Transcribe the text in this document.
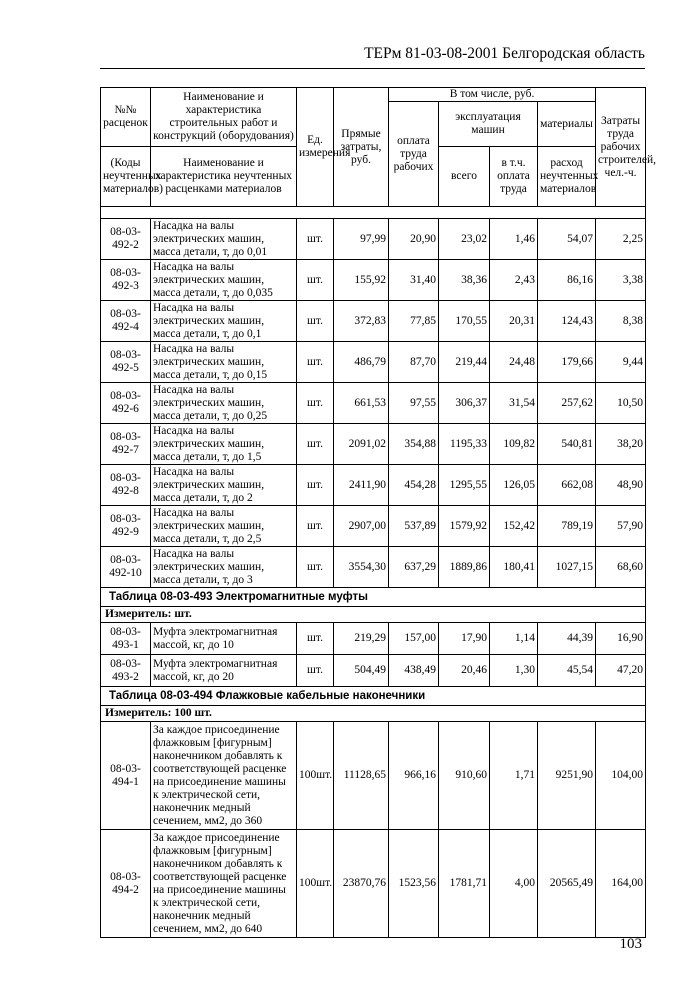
ТЕРм 81-03-08-2001 Белгородская область
№№ расценок	Наименование и характеристика строительных работ и конструкций (оборудования)	Ед. измерения	Прямые затраты, руб.	В том числе, руб.				Затраты труда рабочих строителей, чел.-ч.
				оплата труда рабочих	эксплуатация машин		материалы	
(Коды неучтенных материалов)	Наименование и характеристика неучтенных расценками материалов				всего	в т.ч. оплата труда	расход неучтенных материалов	

08-03-492-2	Насадка на валы электрических машин, масса детали, т, до 0,01	шт.	97,99	20,90	23,02	1,46	54,07	2,25
08-03-492-3	Насадка на валы электрических машин, масса детали, т, до 0,035	шт.	155,92	31,40	38,36	2,43	86,16	3,38
08-03-492-4	Насадка на валы электрических машин, масса детали, т, до 0,1	шт.	372,83	77,85	170,55	20,31	124,43	8,38
08-03-492-5	Насадка на валы электрических машин, масса детали, т, до 0,15	шт.	486,79	87,70	219,44	24,48	179,66	9,44
08-03-492-6	Насадка на валы электрических машин, масса детали, т, до 0,25	шт.	661,53	97,55	306,37	31,54	257,62	10,50
08-03-492-7	Насадка на валы электрических машин, масса детали, т, до 1,5	шт.	2091,02	354,88	1195,33	109,82	540,81	38,20
08-03-492-8	Насадка на валы электрических машин, масса детали, т, до 2	шт.	2411,90	454,28	1295,55	126,05	662,08	48,90
08-03-492-9	Насадка на валы электрических машин, масса детали, т, до 2,5	шт.	2907,00	537,89	1579,92	152,42	789,19	57,90
08-03-492-10	Насадка на валы электрических машин, масса детали, т, до 3	шт.	3554,30	637,29	1889,86	180,41	1027,15	68,60
Таблица 08-03-493 Электромагнитные муфты								
Измеритель: шт.								
08-03-493-1	Муфта электромагнитная массой, кг, до 10	шт.	219,29	157,00	17,90	1,14	44,39	16,90
08-03-493-2	Муфта электромагнитная массой, кг, до 20	шт.	504,49	438,49	20,46	1,30	45,54	47,20
Таблица 08-03-494 Флажковые кабельные наконечники								
Измеритель: 100 шт.								
08-03-494-1	За каждое присоединение флажковым [фигурным] наконечником добавлять к соответствующей расценке на присоединение машины к электрической сети, наконечник медный сечением, мм2, до 360	100шт.	11128,65	966,16	910,60	1,71	9251,90	104,00
08-03-494-2	За каждое присоединение флажковым [фигурным] наконечником добавлять к соответствующей расценке на присоединение машины к электрической сети, наконечник медный сечением, мм2, до 640	100шт.	23870,76	1523,56	1781,71	4,00	20565,49	164,00
103
